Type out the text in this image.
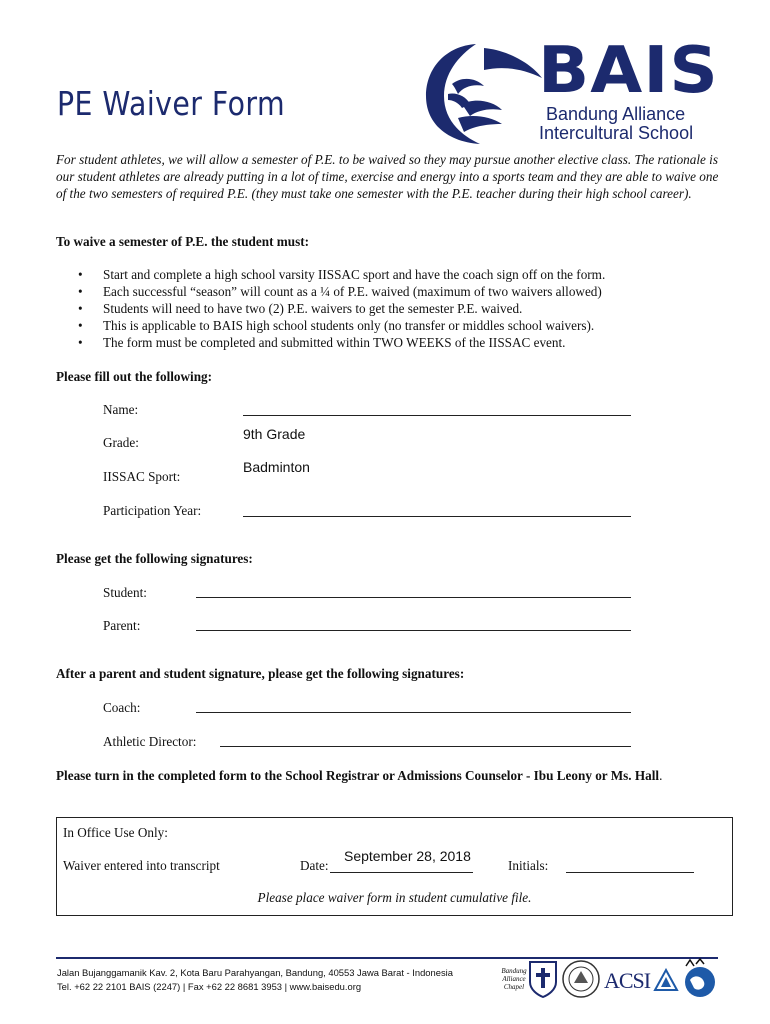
BAIS
Bandung Alliance
Intercultural School
PE Waiver Form
For student athletes, we will allow a semester of P.E. to be waived so they may pursue another elective class. The rationale is our student athletes are already putting in a lot of time, exercise and energy into a sports team and they are able to waive one of the two semesters of required P.E. (they must take one semester with the P.E. teacher during their high school career).
To waive a semester of P.E. the student must:
• Start and complete a high school varsity IISSAC sport and have the coach sign off on the form.
• Each successful “season” will count as a ¼ of P.E. waived (maximum of two waivers allowed)
• Students will need to have two (2) P.E. waivers to get the semester P.E. waived.
• This is applicable to BAIS high school students only (no transfer or middles school waivers).
• The form must be completed and submitted within TWO WEEKS of the IISSAC event.
Please fill out the following:
Name:
Grade:
9th Grade
IISSAC Sport:
Badminton
Participation Year:
Please get the following signatures:
Student:
Parent:
After a parent and student signature, please get the following signatures:
Coach:
Athletic Director:
Please turn in the completed form to the School Registrar or Admissions Counselor - Ibu Leony or Ms. Hall.
In Office Use Only:
Waiver entered into transcript	Date:
September 28, 2018
Initials:
Please place waiver form in student cumulative file.
Jalan Bujanggamanik Kav. 2, Kota Baru Parahyangan, Bandung, 40553 Jawa Barat - Indonesia
Tel. +62 22 2101 BAIS (2247) | Fax +62 22 8681 3953 | www.baisedu.org
Bandung
Alliance
Chapel	ACSI
